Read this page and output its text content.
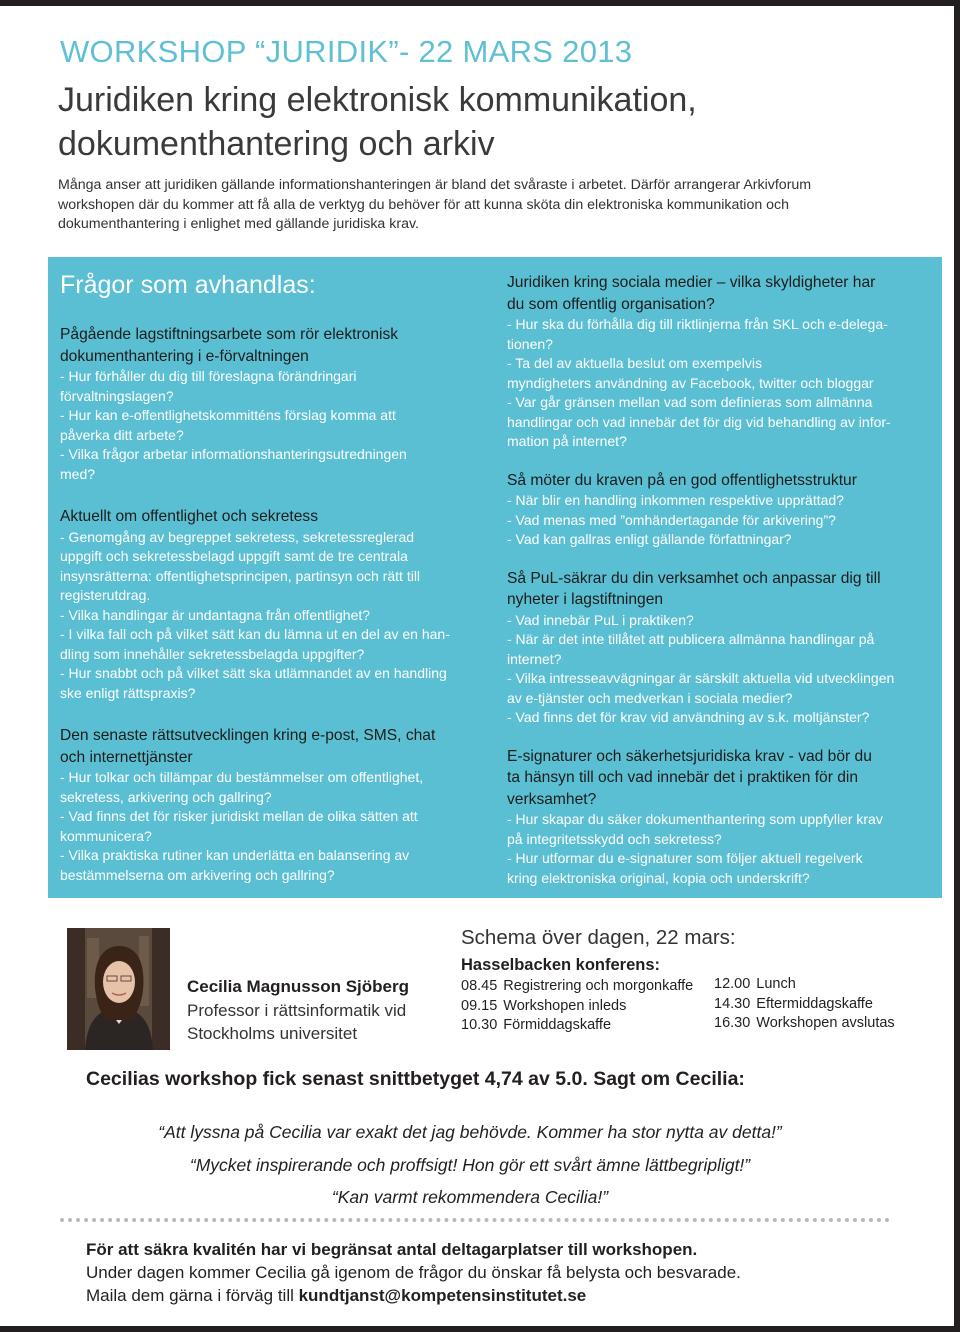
WORKSHOP “JURIDIK”- 22 MARS 2013
Juridiken kring elektronisk kommunikation,
dokumenthantering och arkiv
Många anser att juridiken gällande informationshanteringen är bland det svåraste i arbetet. Därför arrangerar Arkivforum
workshopen där du kommer att få alla de verktyg du behöver för att kunna sköta din elektroniska kommunikation och
dokumenthantering i enlighet med gällande juridiska krav.
Frågor som avhandlas:
Pågående lagstiftningsarbete som rör elektronisk
dokumenthantering i e-förvaltningen
- Hur förhåller du dig till föreslagna förändringari
förvaltningslagen?
- Hur kan e-offentlighetskommitténs förslag komma att
påverka ditt arbete?
- Vilka frågor arbetar informationshanteringsutredningen
med?
Aktuellt om offentlighet och sekretess
- Genomgång av begreppet sekretess, sekretessreglerad
uppgift och sekretessbelagd uppgift samt de tre centrala
insynsrätterna: offentlighetsprincipen, partinsyn och rätt till
registerutdrag.
- Vilka handlingar är undantagna från offentlighet?
- I vilka fall och på vilket sätt kan du lämna ut en del av en han-
dling som innehåller sekretessbelagda uppgifter?
- Hur snabbt och på vilket sätt ska utlämnandet av en handling
ske enligt rättspraxis?
Den senaste rättsutvecklingen kring e-post, SMS, chat
och internettjänster
- Hur tolkar och tillämpar du bestämmelser om offentlighet,
sekretess, arkivering och gallring?
- Vad finns det för risker juridiskt mellan de olika sätten att
kommunicera?
- Vilka praktiska rutiner kan underlätta en balansering av
bestämmelserna om arkivering och gallring?
Juridiken kring sociala medier – vilka skyldigheter har
du som offentlig organisation?
- Hur ska du förhålla dig till riktlinjerna från SKL och e-delega-
tionen?
- Ta del av aktuella beslut om exempelvis
myndigheters användning av Facebook, twitter och bloggar
- Var går gränsen mellan vad som definieras som allmänna
handlingar och vad innebär det för dig vid behandling av infor-
mation på internet?
Så möter du kraven på en god offentlighetsstruktur
- När blir en handling inkommen respektive upprättad?
- Vad menas med ”omhändertagande för arkivering”?
- Vad kan gallras enligt gällande författningar?
Så PuL-säkrar du din verksamhet och anpassar dig till
nyheter i lagstiftningen
- Vad innebär PuL i praktiken?
- När är det inte tillåtet att publicera allmänna handlingar på
internet?
- Vilka intresseavvägningar är särskilt aktuella vid utvecklingen
av e-tjänster och medverkan i sociala medier?
- Vad finns det för krav vid användning av s.k. moltjänster?
E-signaturer och säkerhetsjuridiska krav - vad bör du
ta hänsyn till och vad innebär det i praktiken för din
verksamhet?
- Hur skapar du säker dokumenthantering som uppfyller krav
på integritetsskydd och sekretess?
- Hur utformar du e-signaturer som följer aktuell regelverk
kring elektroniska original, kopia och underskrift?
Cecilia Magnusson Sjöberg
Professor i rättsinformatik vid
Stockholms universitet
Schema över dagen, 22 mars:
Hasselbacken konferens:
08.45 Registrering och morgonkaffe
09.15 Workshopen inleds
10.30 Förmiddagskaffe
12.00 Lunch
14.30 Eftermiddagskaffe
16.30 Workshopen avslutas
Cecilias workshop fick senast snittbetyget 4,74 av 5.0. Sagt om Cecilia:
“Att lyssna på Cecilia var exakt det jag behövde. Kommer ha stor nytta av detta!”
“Mycket inspirerande och proffsigt! Hon gör ett svårt ämne lättbegripligt!”
“Kan varmt rekommendera Cecilia!”
För att säkra kvalitén har vi begränsat antal deltagarplatser till workshopen.
Under dagen kommer Cecilia gå igenom de frågor du önskar få belysta och besvarade.
Maila dem gärna i förväg till kundtjanst@kompetensinstitutet.se
